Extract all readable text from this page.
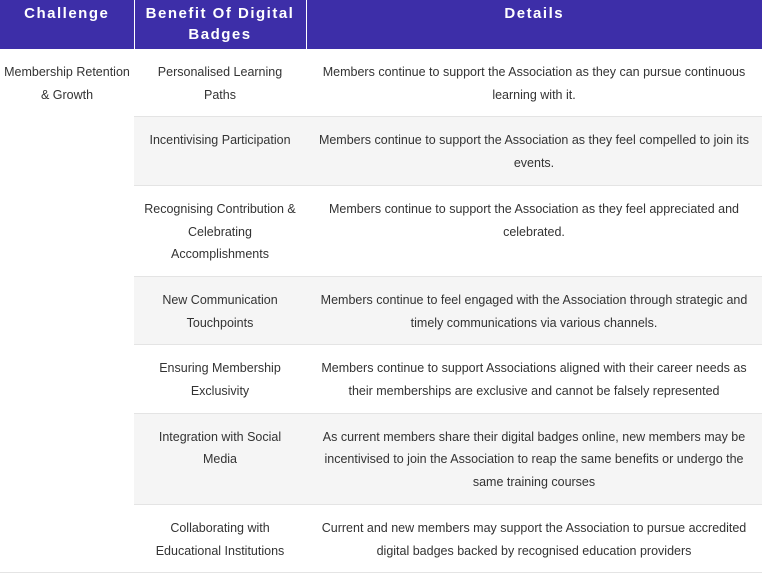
Challenge	Benefit Of Digital Badges	Details
Membership Retention & Growth	Personalised Learning Paths	Members continue to support the Association as they can pursue continuous learning with it.
	Incentivising Participation	Members continue to support the Association as they feel compelled to join its events.
	Recognising Contribution & Celebrating Accomplishments	Members continue to support the Association as they feel appreciated and celebrated.
	New Communication Touchpoints	Members continue to feel engaged with the Association through strategic and timely communications via various channels.
	Ensuring Membership Exclusivity	Members continue to support Associations aligned with their career needs as their memberships are exclusive and cannot be falsely represented
	Integration with Social Media	As current members share their digital badges online, new members may be incentivised to join the Association to reap the same benefits or undergo the same training courses
	Collaborating with Educational Institutions	Current and new members may support the Association to pursue accredited digital badges backed by recognised education providers
